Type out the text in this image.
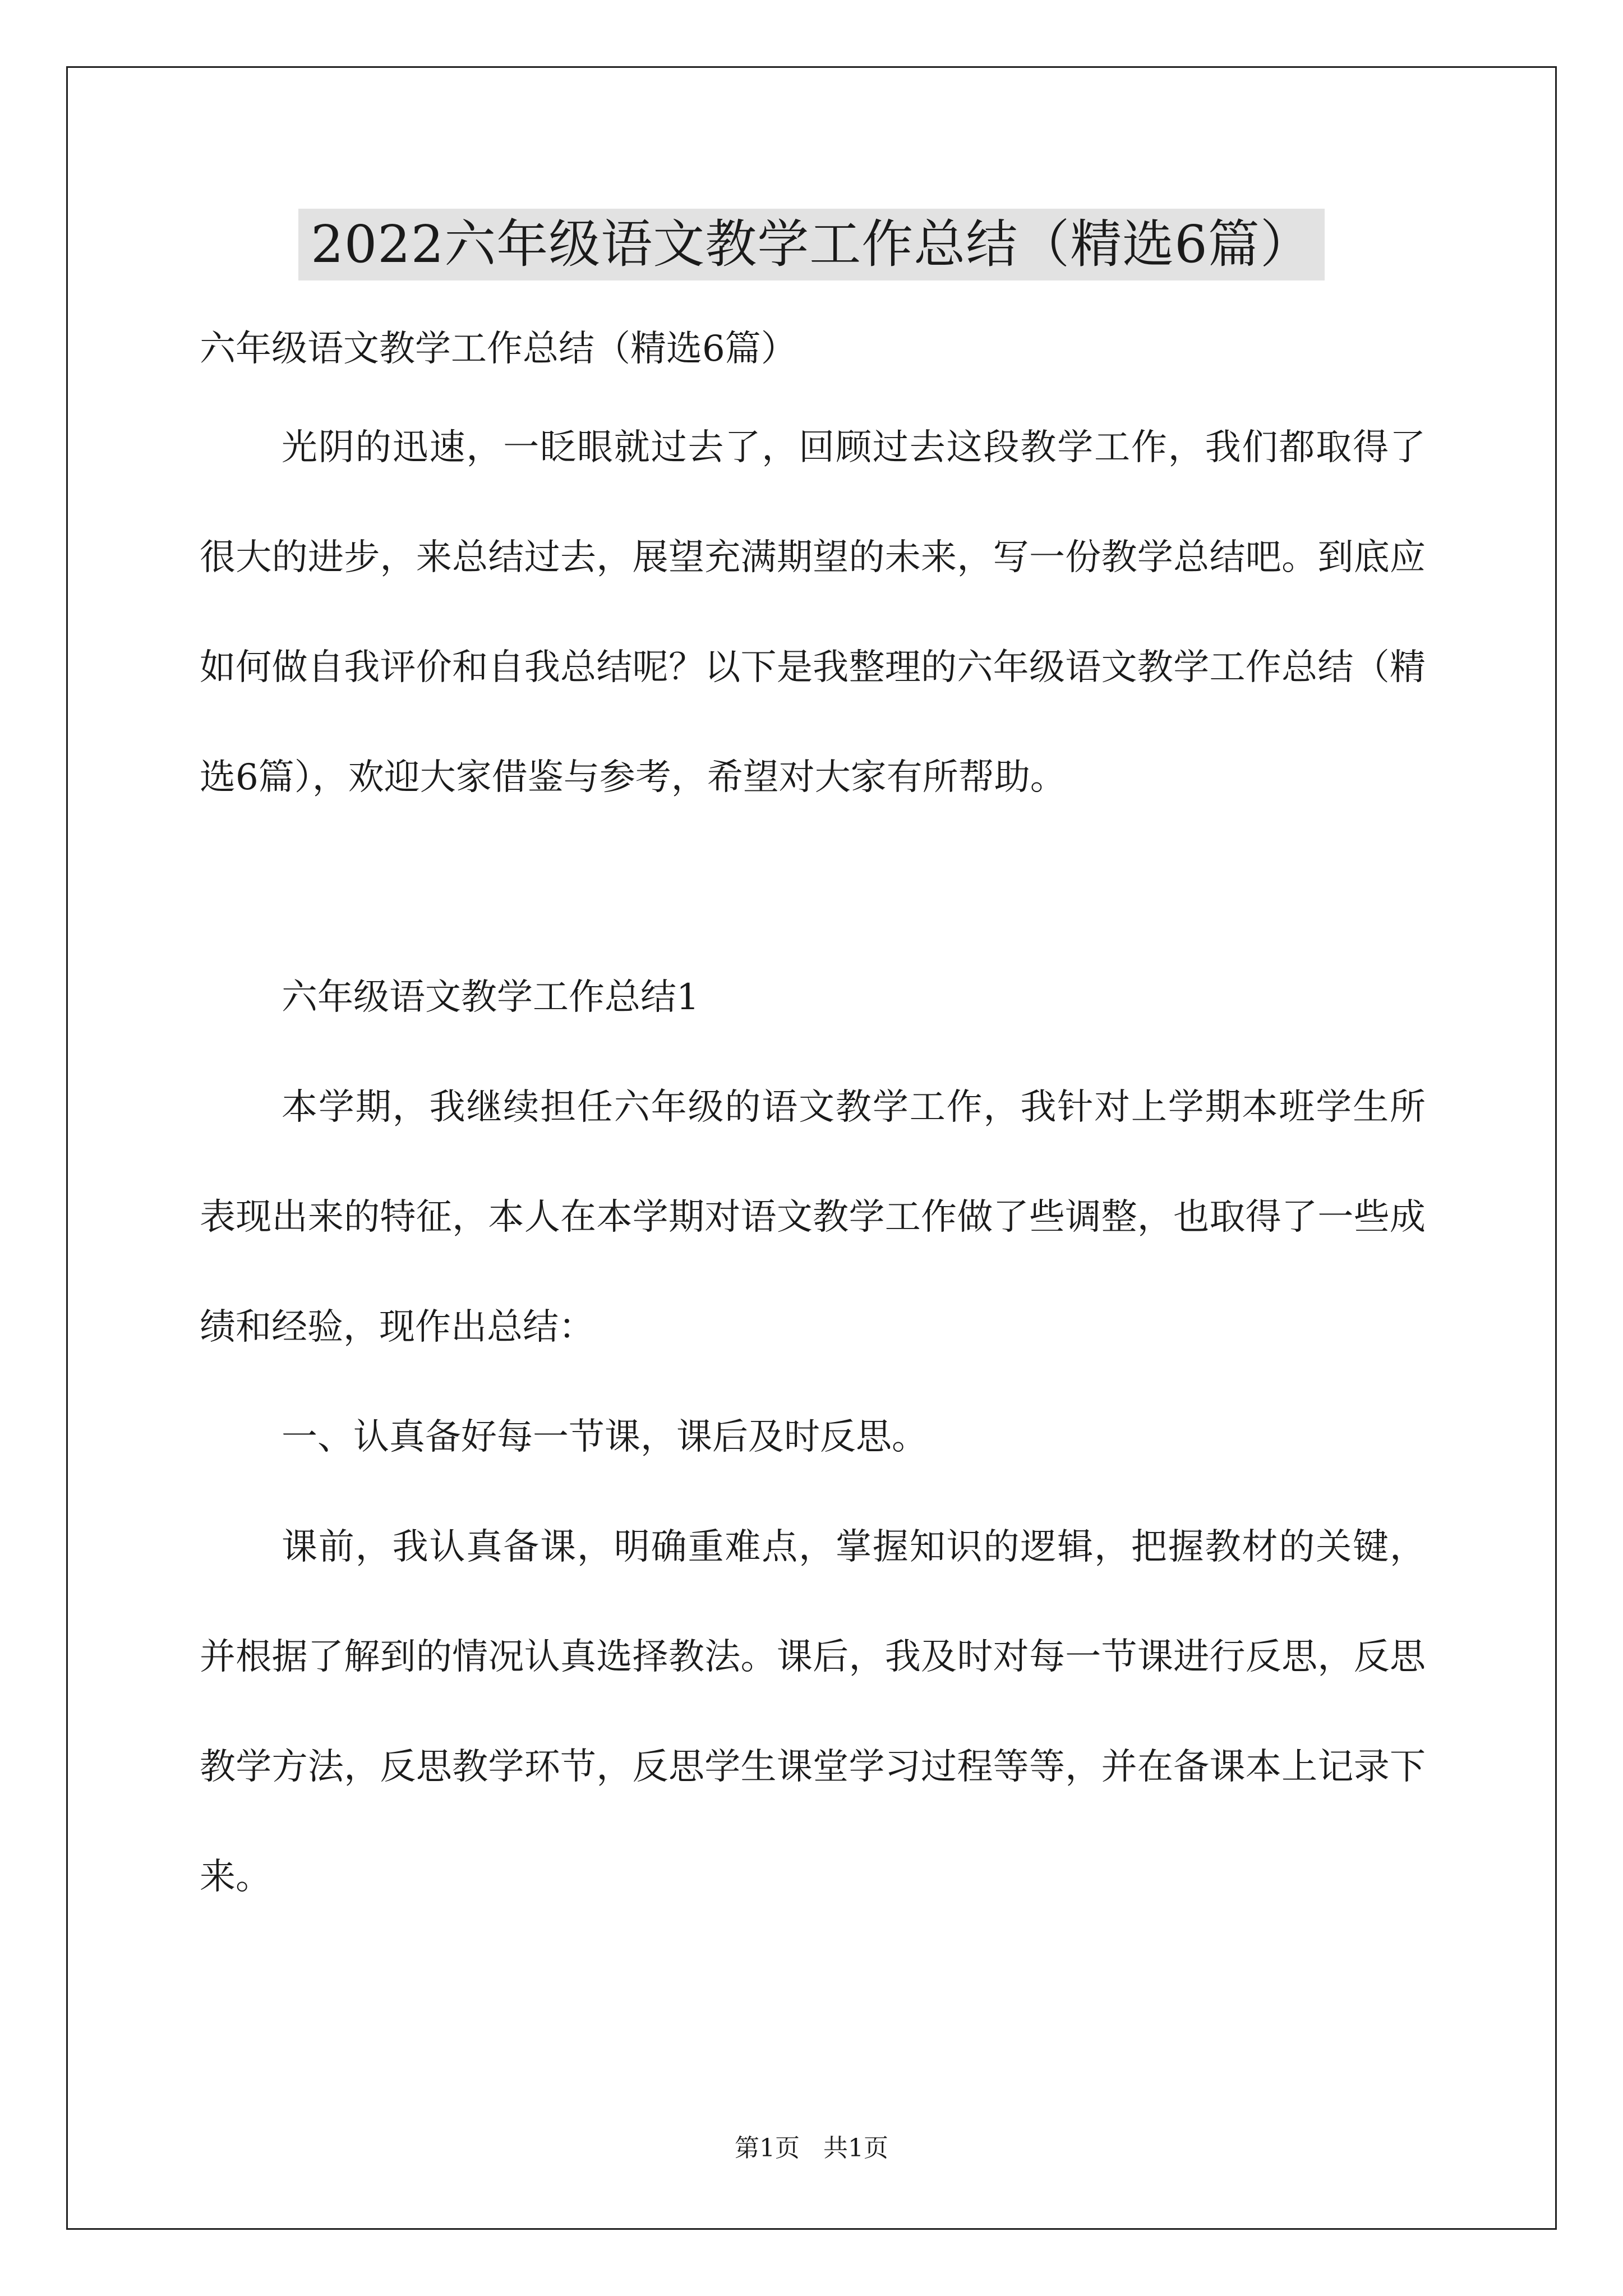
2022六年级语文教学工作总结（精选6篇）

六年级语文教学工作总结（精选6篇）

光阴的迅速，一眨眼就过去了，回顾过去这段教学工作，我们都取得了很大的进步，来总结过去，展望充满期望的未来，写一份教学总结吧。到底应如何做自我评价和自我总结呢？以下是我整理的六年级语文教学工作总结（精选6篇），欢迎大家借鉴与参考，希望对大家有所帮助。

六年级语文教学工作总结1

本学期，我继续担任六年级的语文教学工作，我针对上学期本班学生所表现出来的特征，本人在本学期对语文教学工作做了些调整，也取得了一些成绩和经验，现作出总结：

一、认真备好每一节课，课后及时反思。

课前，我认真备课，明确重难点，掌握知识的逻辑，把握教材的关键，并根据了解到的情况认真选择教法。课后，我及时对每一节课进行反思，反思教学方法，反思教学环节，反思学生课堂学习过程等等，并在备课本上记录下来。

第1页   共1页
